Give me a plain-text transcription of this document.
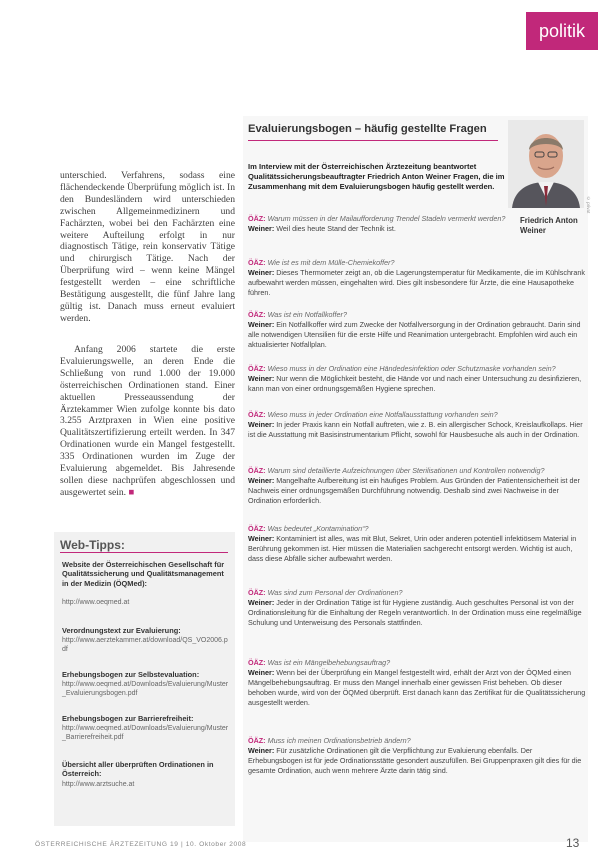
politik

unterschied. Verfahrens, sodass eine flächendeckende Überprüfung möglich ist. In den Bundesländern wird unterschieden zwischen Allgemeinmedizinern und Fachärzten, wobei bei den Fachärzten eine weitere Aufteilung erfolgt in nur diagnostisch Tätige, rein konservativ Tätige und chirurgisch Tätige. Nach der Überprüfung wird – wenn keine Mängel festgestellt werden – eine schriftliche Bestätigung ausgestellt, die fünf Jahre lang gültig ist. Danach muss erneut evaluiert werden.

Anfang 2006 startete die erste Evaluierungswelle, an deren Ende die Schließung von rund 1.000 der 19.000 österreichischen Ordinationen stand. Einer aktuellen Presseaussendung der Ärztekammer Wien zufolge konnte bis dato 3.255 Arztpraxen in Wien eine positive Qualitätszertifizierung erteilt werden. In 347 Ordinationen wurde ein Mangel festgestellt. 335 Ordinationen wurden im Zuge der Evaluierung abgemeldet. Bis Jahresende sollen diese nachprüfen abgeschlossen und ausgewertet sein. ■

Web-Tipps:
Website der Österreichischen Gesellschaft für Qualitätssicherung und Qualitätsmanagement in der Medizin (ÖQMed):
http://www.oeqmed.at
Verordnungstext zur Evaluierung:
http://www.aerztekammer.at/download/QS_VO2006.pdf
Erhebungsbogen zur Selbstevaluation:
http://www.oeqmed.at/Downloads/Evaluierung/Muster_Evaluierungsbogen.pdf
Erhebungsbogen zur Barrierefreiheit:
http://www.oeqmed.at/Downloads/Evaluierung/Muster_Barrierefreiheit.pdf
Übersicht aller überprüften Ordinationen in Österreich:
http://www.arztsuche.at
Evaluierungsbogen – häufig gestellte Fragen
© privat
Friedrich Anton Weiner

Im Interview mit der Österreichischen Ärztezeitung beantwortet Qualitätssicherungsbeauftragter Friedrich Anton Weiner Fragen, die im Zusammenhang mit dem Evaluierungsbogen häufig gestellt werden.

ÖÄZ: Warum müssen in der Mailaufforderung Trendel Stadeln vermerkt werden?
Weiner: Weil dies heute Stand der Technik ist.

ÖÄZ: Wie ist es mit dem Mülle-Chemiekoffer?
Weiner: Dieses Thermometer zeigt an, ob die Lagerungstemperatur für Medikamente, die im Kühlschrank aufbewahrt werden müssen, eingehalten wird. Dies gilt insbesondere für Ärzte, die eine Hausapotheke führen.

ÖÄZ: Was ist ein Notfallkoffer?
Weiner: Ein Notfallkoffer wird zum Zwecke der Notfallversorgung in der Ordination gebraucht. Darin sind alle notwendigen Utensilien für die erste Hilfe und Reanimation untergebracht. Empfohlen wird auch ein aktualisierter Notfallplan.

ÖÄZ: Wieso muss in der Ordination eine Händedesinfektion oder Schutzmaske vorhanden sein?
Weiner: Nur wenn die Möglichkeit besteht, die Hände vor und nach einer Untersuchung zu desinfizieren, kann man von einer ordnungsgemäßen Hygiene sprechen.

ÖÄZ: Wieso muss in jeder Ordination eine Notfallausstattung vorhanden sein?
Weiner: In jeder Praxis kann ein Notfall auftreten, wie z. B. ein allergischer Schock, Kreislaufkollaps. Hier ist die Ausstattung mit Basisinstrumentarium Pflicht, sowohl für Hausbesuche als auch in der Ordination.

ÖÄZ: Warum sind detaillierte Aufzeichnungen über Sterilisationen und Kontrollen notwendig?
Weiner: Mangelhafte Aufbereitung ist ein häufiges Problem. Aus Gründen der Patientensicherheit ist der Nachweis einer ordnungsgemäßen Durchführung notwendig. Deshalb sind zwei Nachweise in der Ordination erforderlich.

ÖÄZ: Was bedeutet „Kontamination“?
Weiner: Kontaminiert ist alles, was mit Blut, Sekret, Urin oder anderen potentiell infektiösem Material in Berührung gekommen ist. Hier müssen die Materialien sachgerecht entsorgt werden. Wichtig ist auch, dass diese Abfälle sicher aufbewahrt werden.

ÖÄZ: Was sind zum Personal der Ordinationen?
Weiner: Jeder in der Ordination Tätige ist für Hygiene zuständig. Auch geschultes Personal ist von der Ordinationsleitung für die Einhaltung der Regeln verantwortlich. In der Ordination muss eine regelmäßige Schulung und Unterweisung des Personals stattfinden.

ÖÄZ: Was ist ein Mängelbehebungsauftrag?
Weiner: Wenn bei der Überprüfung ein Mangel festgestellt wird, erhält der Arzt von der ÖQMed einen Mängelbehebungsauftrag. Er muss den Mangel innerhalb einer gewissen Frist beheben. Ob dieser behoben wurde, wird von der ÖQMed überprüft. Erst danach kann das Zertifikat für die Qualitätssicherung ausgestellt werden.

ÖÄZ: Muss ich meinen Ordinationsbetrieb ändern?
Weiner: Für zusätzliche Ordinationen gilt die Verpflichtung zur Evaluierung ebenfalls. Der Erhebungsbogen ist für jede Ordinationsstätte gesondert auszufüllen. Bei Gruppenpraxen gilt dies für die gesamte Ordination, auch wenn mehrere Ärzte darin tätig sind.

ÖSTERREICHISCHE ÄRZTEZEITUNG 19 | 10. Oktober 2008	13
